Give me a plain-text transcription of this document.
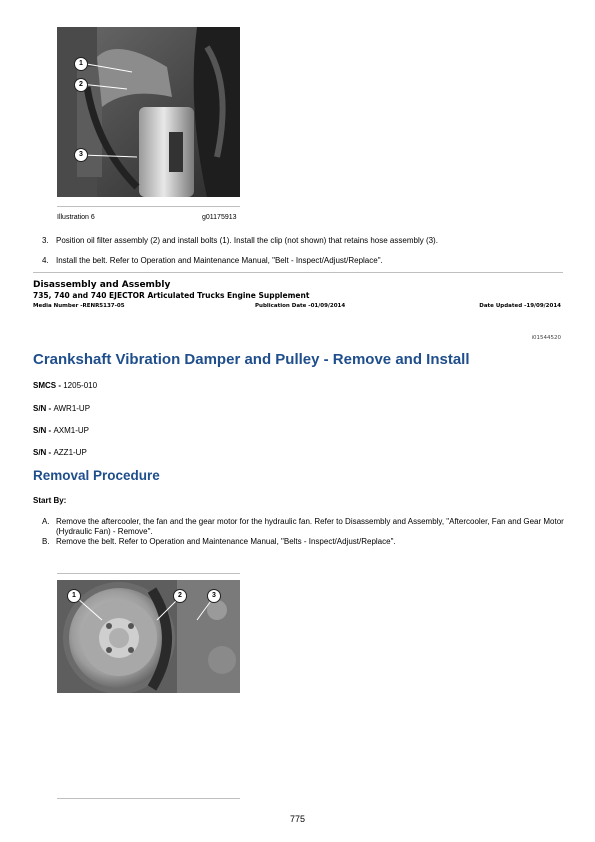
1
2
3
Illustration 6	g01175913
3. Position oil filter assembly (2) and install bolts (1). Install the clip (not shown) that retains hose assembly (3).
4. Install the belt. Refer to Operation and Maintenance Manual, "Belt - Inspect/Adjust/Replace".
Disassembly and Assembly
735, 740 and 740 EJECTOR Articulated Trucks Engine Supplement
Media Number -RENR5137-05	Publication Date -01/09/2014	Date Updated -19/09/2014
i01544520
Crankshaft Vibration Damper and Pulley - Remove and Install
SMCS - 1205-010
S/N - AWR1-UP
S/N - AXM1-UP
S/N - AZZ1-UP
Removal Procedure
Start By:
A. Remove the aftercooler, the fan and the gear motor for the hydraulic fan. Refer to Disassembly and Assembly, "Aftercooler, Fan and Gear Motor (Hydraulic Fan) - Remove".
B. Remove the belt. Refer to Operation and Maintenance Manual, "Belts - Inspect/Adjust/Replace".
1	2	3
775
